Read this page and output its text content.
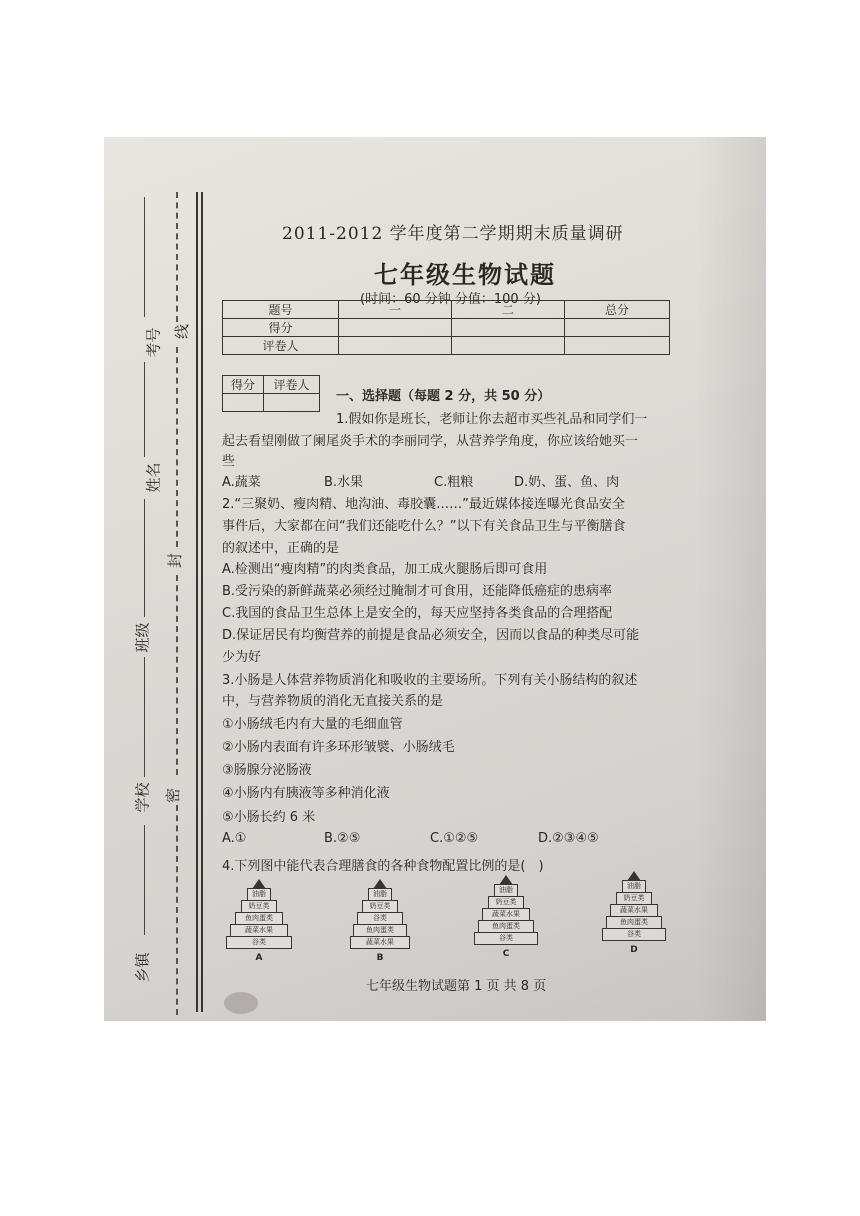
线
封
密
考号
姓名
班级
学校
乡镇
2011-2012 学年度第二学期期末质量调研
七年级生物试题
(时间：60 分钟 分值：100 分)
题号	一	二	总分
得分			
评卷人			
得分	评卷人

一、选择题（每题 2 分，共 50 分）
1.假如你是班长，老师让你去超市买些礼品和同学们一
起去看望刚做了阑尾炎手术的李丽同学，从营养学角度，你应该给她买一
些
A.蔬菜	B.水果	C.粗粮	D.奶、蛋、鱼、肉
2.“三聚奶、瘦肉精、地沟油、毒胶囊……”最近媒体接连曝光食品安全
事件后，大家都在问“我们还能吃什么？”以下有关食品卫生与平衡膳食
的叙述中，正确的是
A.检测出“瘦肉精”的肉类食品，加工成火腿肠后即可食用
B.受污染的新鲜蔬菜必须经过腌制才可食用，还能降低癌症的患病率
C.我国的食品卫生总体上是安全的，每天应坚持各类食品的合理搭配
D.保证居民有均衡营养的前提是食品必须安全，因而以食品的种类尽可能
少为好
3.小肠是人体营养物质消化和吸收的主要场所。下列有关小肠结构的叙述
中，与营养物质的消化无直接关系的是
①小肠绒毛内有大量的毛细血管
②小肠内表面有许多环形皱襞、小肠绒毛
③肠腺分泌肠液
④小肠内有胰液等多种消化液
⑤小肠长约 6 米
A.①	B.②⑤	C.①②⑤	D.②③④⑤
4.下列图中能代表合理膳食的各种食物配置比例的是(　)
油脂
奶豆类
鱼肉蛋类
蔬菜水果
谷类
A
油脂
奶豆类
谷类
鱼肉蛋类
蔬菜水果
B
油脂
奶豆类
蔬菜水果
鱼肉蛋类
谷类
C
油脂
奶豆类
蔬菜水果
鱼肉蛋类
谷类
D
七年级生物试题第 1 页 共 8 页
